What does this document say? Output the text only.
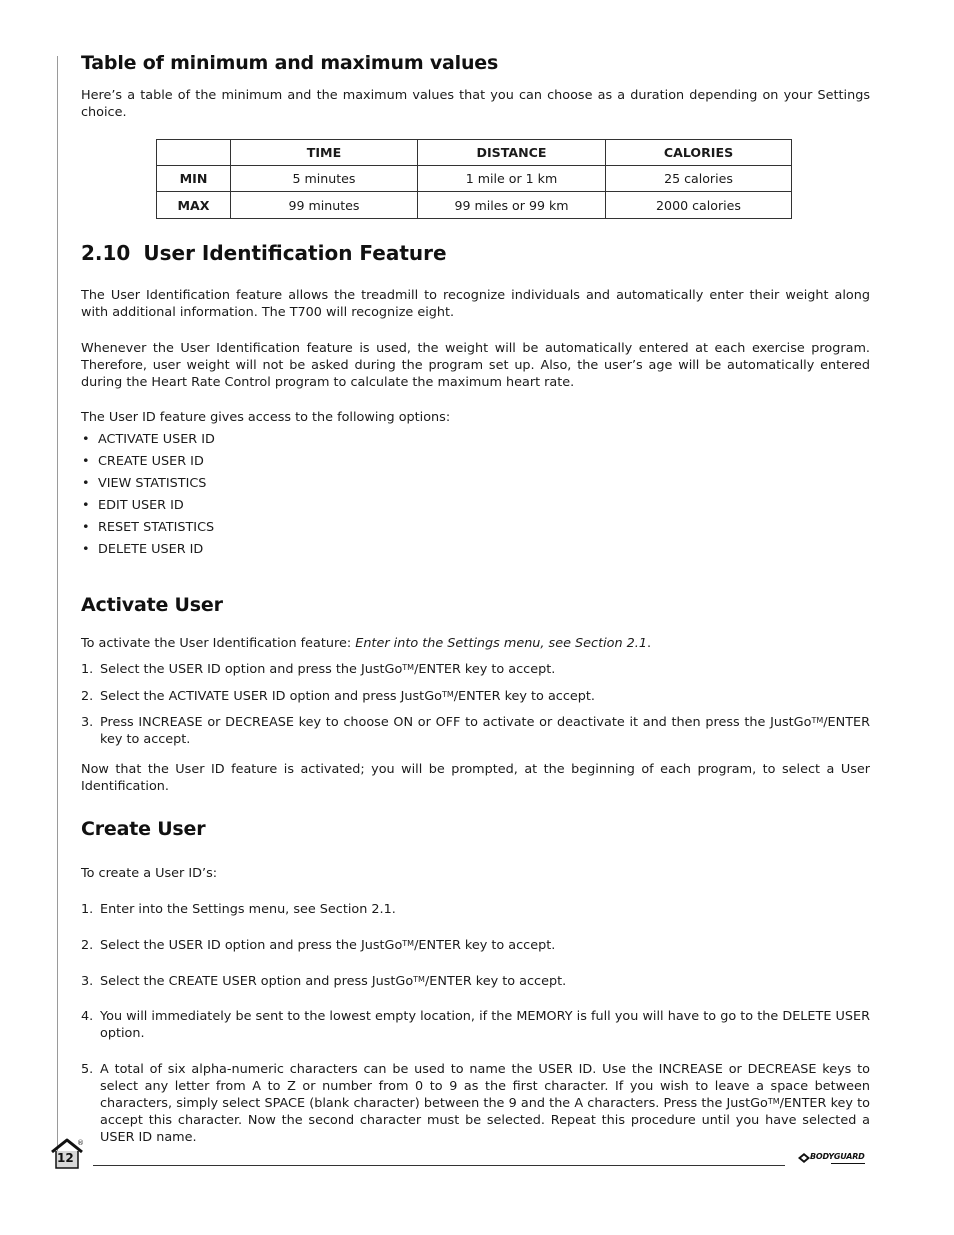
Table of minimum and maximum values

Here’s a table of the minimum and the maximum values that you can choose as a duration depending on your Settings choice.

	TIME	DISTANCE	CALORIES
MIN	5 minutes	1 mile or 1 km	25 calories
MAX	99 minutes	99 miles or 99 km	2000 calories
2.10 User Identification Feature

The User Identification feature allows the treadmill to recognize individuals and automatically enter their weight along with additional information. The T700 will recognize eight.

Whenever the User Identification feature is used, the weight will be automatically entered at each exercise program. Therefore, user weight will not be asked during the program set up. Also, the user’s age will be automatically entered during the Heart Rate Control program to calculate the maximum heart rate.

The User ID feature gives access to the following options:

• ACTIVATE USER ID
• CREATE USER ID
• VIEW STATISTICS
• EDIT USER ID
• RESET STATISTICS
• DELETE USER ID
Activate User

To activate the User Identification feature: Enter into the Settings menu, see Section 2.1.

1. Select the USER ID option and press the JustGo™/ENTER key to accept.
2. Select the ACTIVATE USER ID option and press JustGo™/ENTER key to accept.
3. Press INCREASE or DECREASE key to choose ON or OFF to activate or deactivate it and then press the JustGo™/ENTER key to accept.

Now that the User ID feature is activated; you will be prompted, at the beginning of each program, to select a User Identification.

Create User

To create a User ID’s:

1. Enter into the Settings menu, see Section 2.1.
2. Select the USER ID option and press the JustGo™/ENTER key to accept.
3. Select the CREATE USER option and press JustGo™/ENTER key to accept.
4. You will immediately be sent to the lowest empty location, if the MEMORY is full you will have to go to the DELETE USER option.
5. A total of six alpha-numeric characters can be used to name the USER ID. Use the INCREASE or DECREASE keys to select any letter from A to Z or number from 0 to 9 as the first character. If you wish to leave a space between characters, simply select SPACE (blank character) between the 9 and the A characters. Press the JustGo™/ENTER key to accept this character. Now the second character must be selected. Repeat this procedure until you have selected a USER ID name.
12
®
BODYGUARD
